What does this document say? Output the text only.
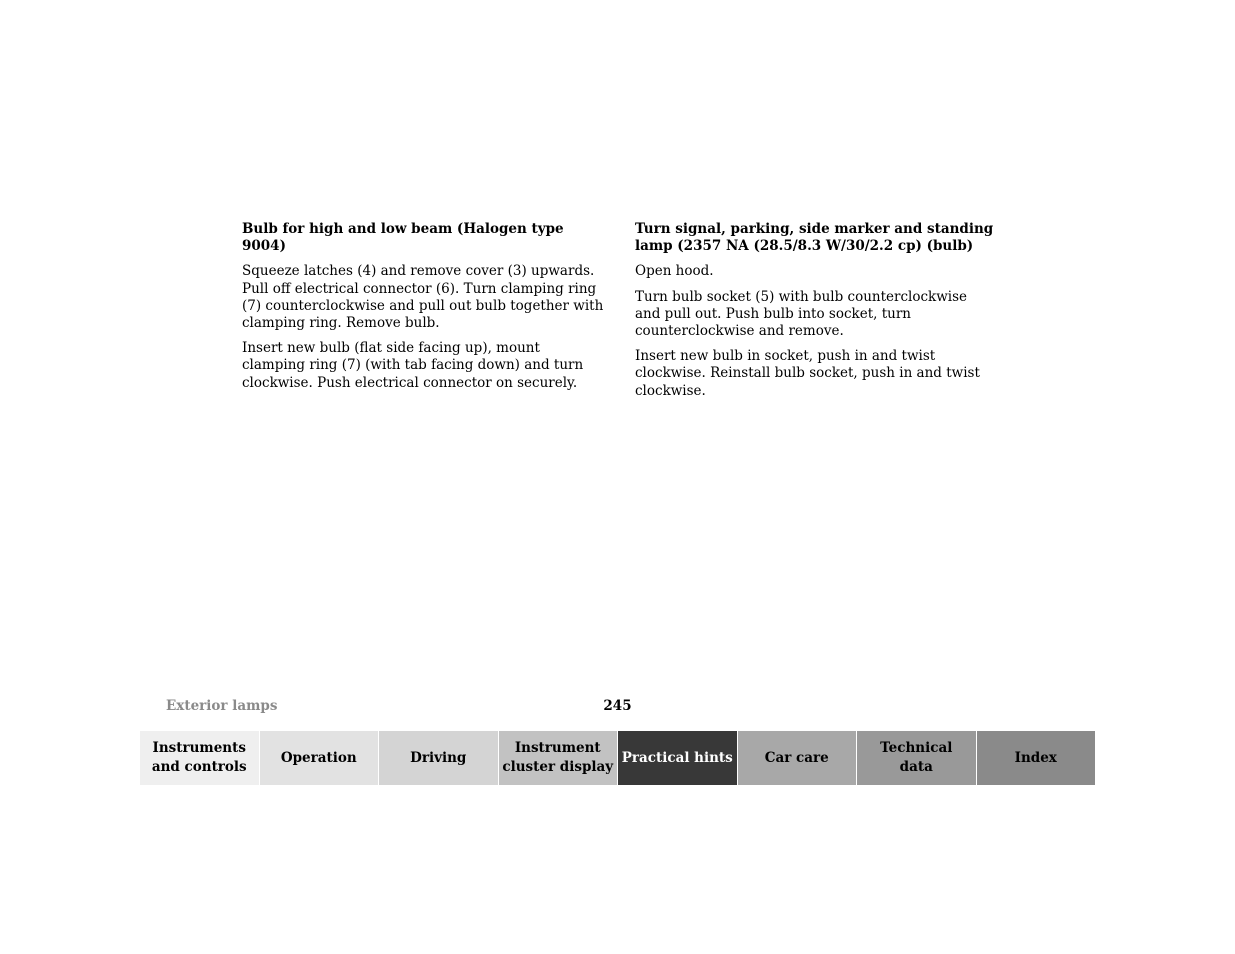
Bulb for high and low beam (Halogen type 9004)

Squeeze latches (4) and remove cover (3) upwards. Pull off electrical connector (6). Turn clamping ring (7) counterclockwise and pull out bulb together with clamping ring. Remove bulb.

Insert new bulb (flat side facing up), mount clamping ring (7) (with tab facing down) and turn clockwise. Push electrical connector on securely.

Turn signal, parking, side marker and standing lamp (2357 NA (28.5/8.3 W/30/2.2 cp) (bulb)

Open hood.

Turn bulb socket (5) with bulb counterclockwise and pull out. Push bulb into socket, turn counterclockwise and remove.

Insert new bulb in socket, push in and twist clockwise. Reinstall bulb socket, push in and twist clockwise.

Exterior lamps	245
Instruments
and controls
Operation	Driving
Instrument
cluster display
Practical hints	Car care
Technical
data
Index
